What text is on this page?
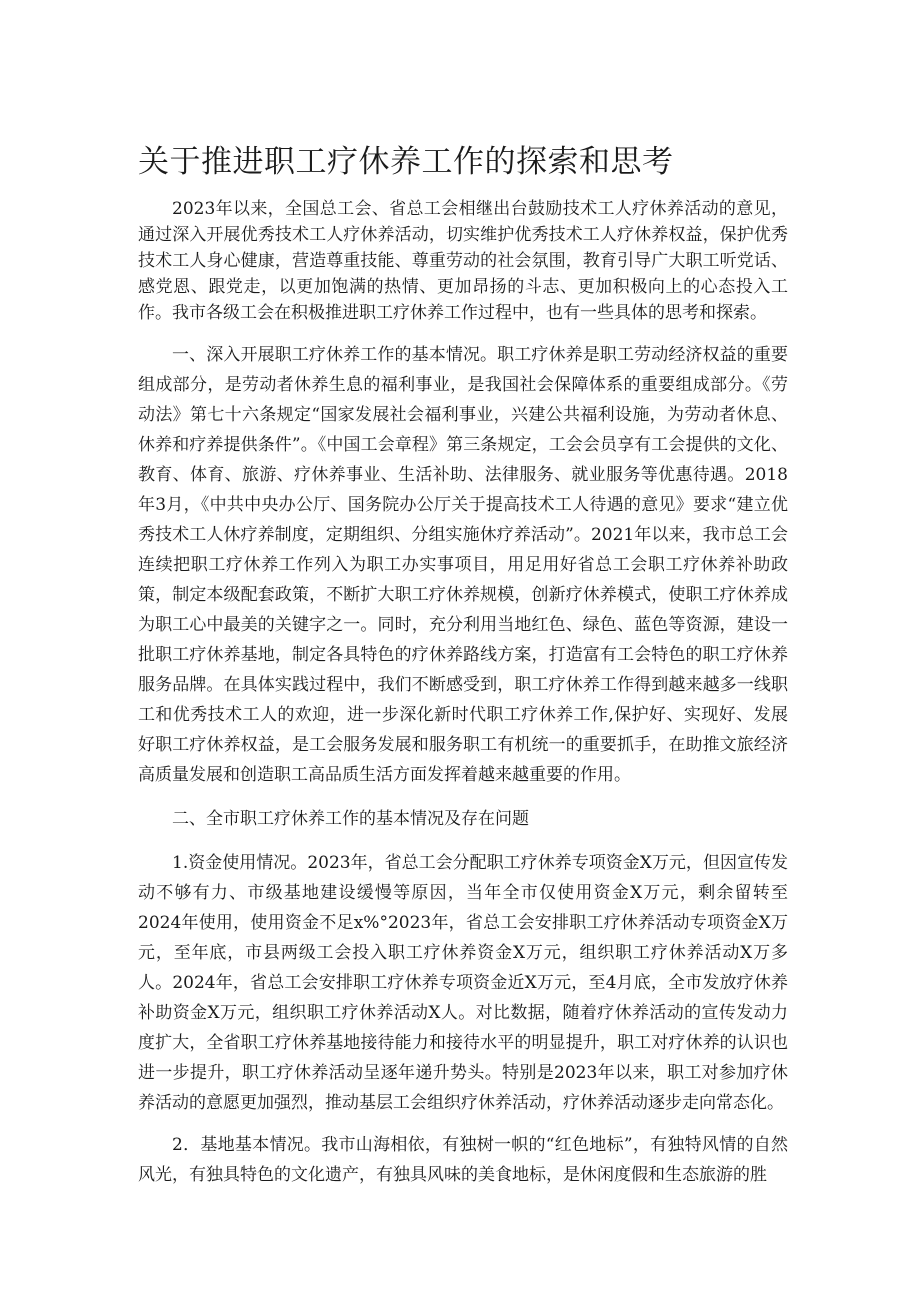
关于推进职工疗休养工作的探索和思考

2023年以来，全国总工会、省总工会相继出台鼓励技术工人疗休养活动的意见，通过深入开展优秀技术工人疗休养活动，切实维护优秀技术工人疗休养权益，保护优秀技术工人身心健康，营造尊重技能、尊重劳动的社会氛围，教育引导广大职工听党话、感党恩、跟党走，以更加饱满的热情、更加昂扬的斗志、更加积极向上的心态投入工作。我市各级工会在积极推进职工疗休养工作过程中，也有一些具体的思考和探索。

一、深入开展职工疗休养工作的基本情况。职工疗休养是职工劳动经济权益的重要组成部分，是劳动者休养生息的福利事业，是我国社会保障体系的重要组成部分。《劳动法》第七十六条规定“国家发展社会福利事业，兴建公共福利设施，为劳动者休息、休养和疗养提供条件”。《中国工会章程》第三条规定，工会会员享有工会提供的文化、教育、体育、旅游、疗休养事业、生活补助、法律服务、就业服务等优惠待遇。2018年3月，《中共中央办公厅、国务院办公厅关于提高技术工人待遇的意见》要求“建立优秀技术工人休疗养制度，定期组织、分组实施休疗养活动”。2021年以来，我市总工会连续把职工疗休养工作列入为职工办实事项目，用足用好省总工会职工疗休养补助政策，制定本级配套政策，不断扩大职工疗休养规模，创新疗休养模式，使职工疗休养成为职工心中最美的关键字之一。同时，充分利用当地红色、绿色、蓝色等资源，建设一批职工疗休养基地，制定各具特色的疗休养路线方案，打造富有工会特色的职工疗休养服务品牌。在具体实践过程中，我们不断感受到，职工疗休养工作得到越来越多一线职工和优秀技术工人的欢迎，进一步深化新时代职工疗休养工作,保护好、实现好、发展好职工疗休养权益，是工会服务发展和服务职工有机统一的重要抓手，在助推文旅经济高质量发展和创造职工高品质生活方面发挥着越来越重要的作用。

二、全市职工疗休养工作的基本情况及存在问题

1.资金使用情况。2023年，省总工会分配职工疗休养专项资金X万元，但因宣传发动不够有力、市级基地建设缓慢等原因，当年全市仅使用资金X万元，剩余留转至2024年使用，使用资金不足x%°2023年，省总工会安排职工疗休养活动专项资金X万元，至年底，市县两级工会投入职工疗休养资金X万元，组织职工疗休养活动X万多人。2024年，省总工会安排职工疗休养专项资金近X万元，至4月底，全市发放疗休养补助资金X万元，组织职工疗休养活动X人。对比数据，随着疗休养活动的宣传发动力度扩大，全省职工疗休养基地接待能力和接待水平的明显提升，职工对疗休养的认识也进一步提升，职工疗休养活动呈逐年递升势头。特别是2023年以来，职工对参加疗休养活动的意愿更加强烈，推动基层工会组织疗休养活动，疗休养活动逐步走向常态化。

2．基地基本情况。我市山海相依，有独树一帜的“红色地标”，有独特风情的自然风光，有独具特色的文化遗产，有独具风味的美食地标，是休闲度假和生态旅游的胜
